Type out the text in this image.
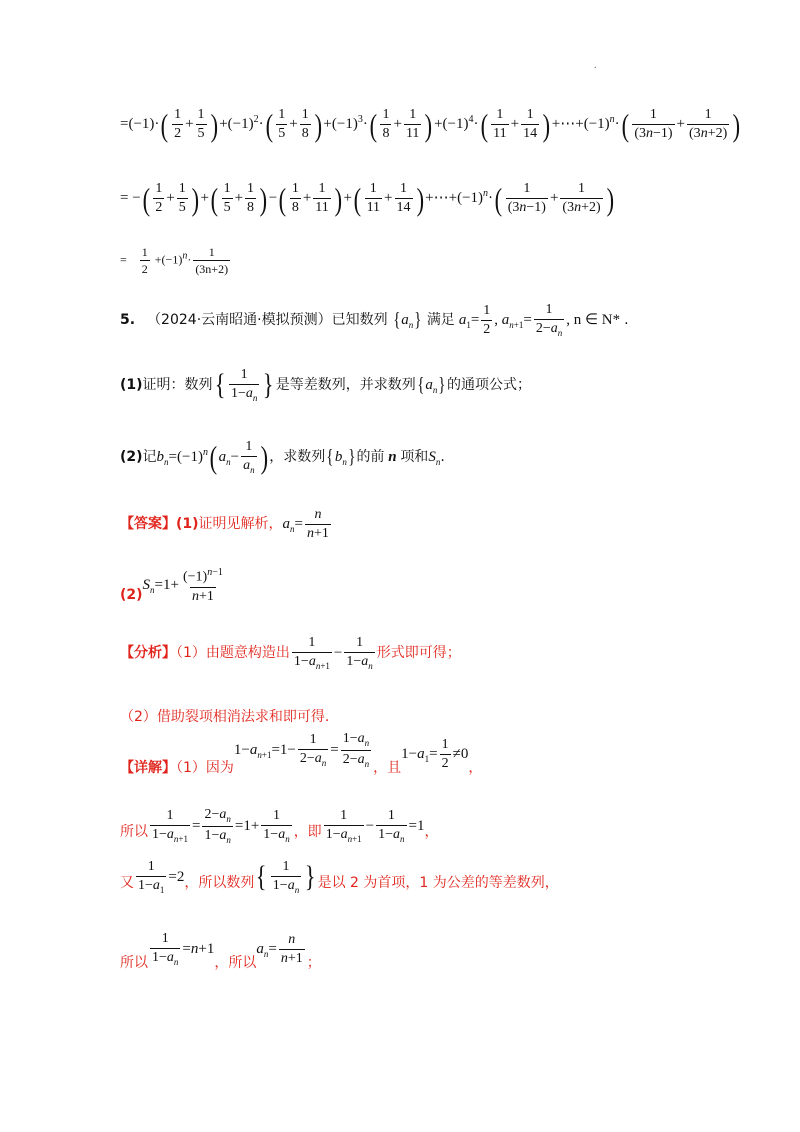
.
$=(-1)\cdot( \frac{1}{2} + \frac{1}{5}$ ) $+(-1)^2\cdot( \frac{1}{5} + \frac{1}{8}$ ) $+(-1)^3\cdot( \frac{1}{8} + \frac{1}{11}$ ) $+(-1)^4\cdot( \frac{1}{11} + \frac{1}{14}$ ) $+\cdots+(-1)^n\cdot( \frac{1}{(3n-1)} + \frac{1}{(3n+2)}$ )
= −( $\frac{1}{2} + \frac{1}{5}$ ) +( $\frac{1}{5} + \frac{1}{8}$ ) −( $\frac{1}{8} + \frac{1}{11}$ ) +( $\frac{1}{11} + \frac{1}{14}$ ) $+\cdots+(-1)^n\cdot( \frac{1}{(3n-1)} + \frac{1}{(3n+2)}$ )
= $\frac{1}{2} +(-1)^n\cdot \frac{1}{(3n+2)}$
5. （2024·云南昭通·模拟预测）已知数列 $\{a_n\}$ 满足 $a_1= \frac{1}{2}$ , $a_{n+1}= \frac{1}{2-a_n}$ , n ∈ N* .
(1)证明：数列{ $\frac{1}{1-a_n}$ } 是等差数列，并求数列$\{a_n\}$的通项公式；
(2)记$b_n=(-1)^n$( $a_n- \frac{1}{a_n}$ ) ，求数列$\{b_n\}$的前 n 项和$S_n$.
【答案】(1)证明见解析，$a_n= \frac{n}{n+1}$
$(2)S_n=1+ \frac{(-1)^{n-1}}{n+1}$
【分析】（1）由题意构造出 $\frac{1}{1-a_{n+1}} - \frac{1}{1-a_n}$ 形式即可得；
（2）借助裂项相消法求和即可得.
【详解】（1）因为$1-a_{n+1}=1- \frac{1}{2-a_n} = \frac{1-a_n}{2-a_n}$ ，且$1-a_1= \frac{1}{2} \ne 0$，
所以 $\frac{1}{1-a_{n+1}} = \frac{2-a_n}{1-a_n} =1+ \frac{1}{1-a_n}$ ，即 $\frac{1}{1-a_{n+1}} - \frac{1}{1-a_n} =1$，
又 $\frac{1}{1-a_1} =2$，所以数列{ $\frac{1}{1-a_n}$ } 是以 2 为首项，1 为公差的等差数列，
所以 $\frac{1}{1-a_n} =n+1$，所以$a_n= \frac{n}{n+1}$ ；
